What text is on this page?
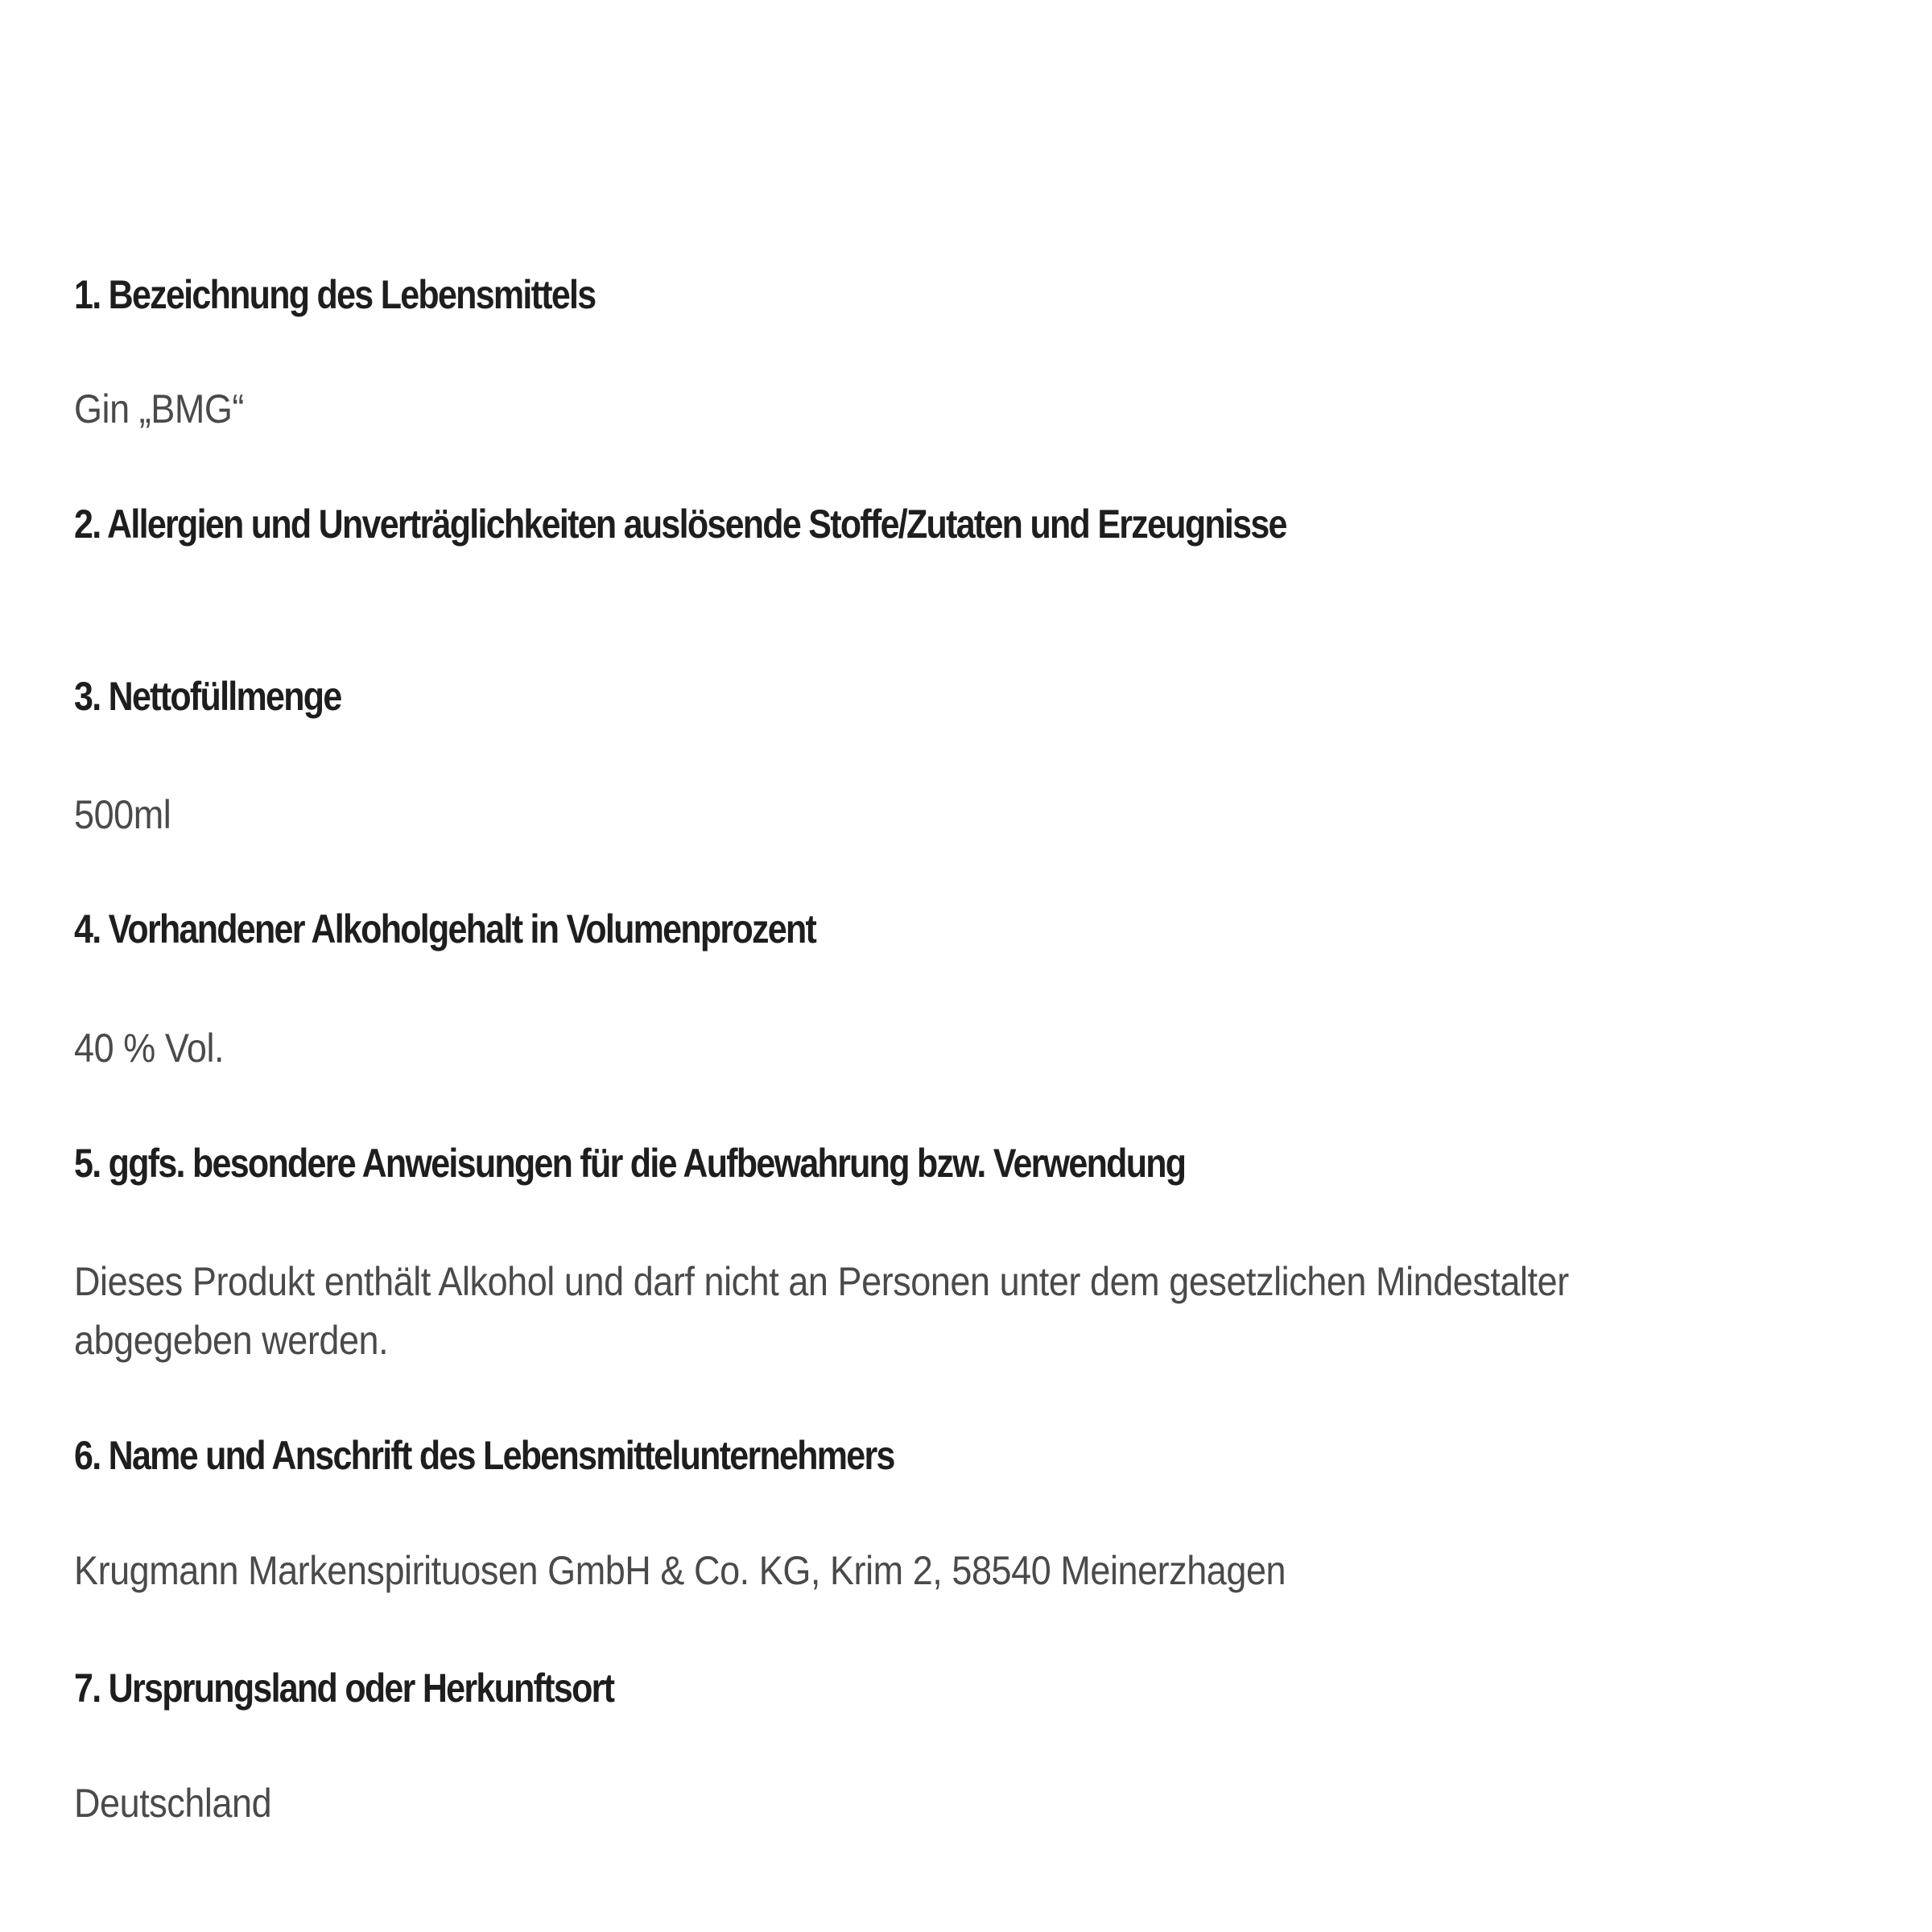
1. Bezeichnung des Lebensmittels
Gin „BMG“
2. Allergien und Unverträglichkeiten auslösende Stoffe/Zutaten und Erzeugnisse
3. Nettofüllmenge
500ml
4. Vorhandener Alkoholgehalt in Volumenprozent
40 % Vol.
5. ggfs. besondere Anweisungen für die Aufbewahrung bzw. Verwendung
Dieses Produkt enthält Alkohol und darf nicht an Personen unter dem gesetzlichen Mindestalter
abgegeben werden.
6. Name und Anschrift des Lebensmittelunternehmers
Krugmann Markenspirituosen GmbH & Co. KG, Krim 2, 58540 Meinerzhagen
7. Ursprungsland oder Herkunftsort
Deutschland
